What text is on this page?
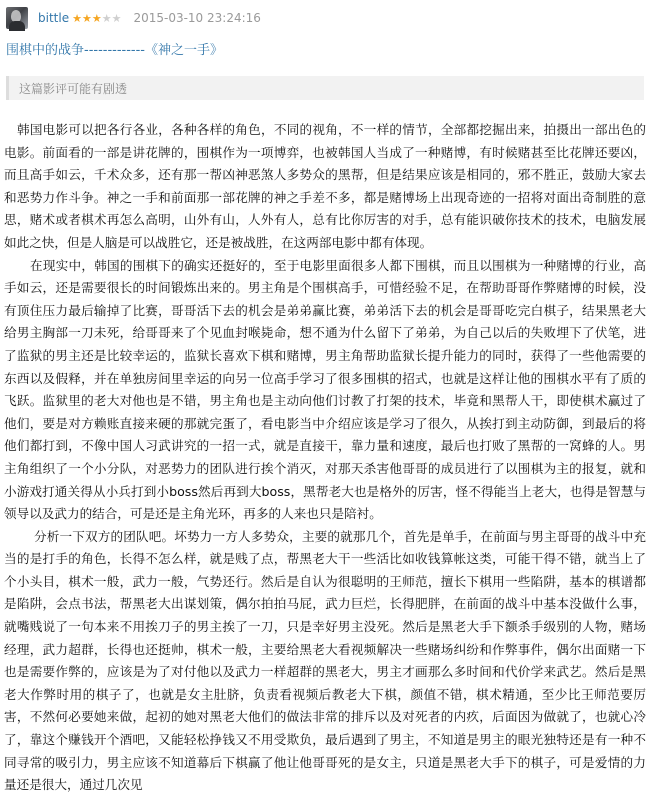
bittle ★ ★ ★ ★ ★ 2015-03-10 23:24:16
围棋中的战争-------------《神之一手》
这篇影评可能有剧透

韩国电影可以把各行各业，各种各样的角色，不同的视角，不一样的情节，全部都挖掘出来，拍摄出一部出色的电影。前面看的一部是讲花牌的，围棋作为一项博弈，也被韩国人当成了一种赌博，有时候赌甚至比花牌还要凶，而且高手如云，千术众多，还有那一帮凶神恶煞人多势众的黑帮，但是结果应该是相同的，邪不胜正，鼓励大家去和恶势力作斗争。神之一手和前面那一部花牌的神之手差不多，都是赌博场上出现奇迹的一招将对面出奇制胜的意思，赌术或者棋术再怎么高明，山外有山，人外有人，总有比你厉害的对手，总有能识破你技术的技术，电脑发展如此之快，但是人脑是可以战胜它，还是被战胜，在这两部电影中都有体现。

在现实中，韩国的围棋下的确实还挺好的，至于电影里面很多人都下围棋，而且以围棋为一种赌博的行业，高手如云，还是需要很长的时间锻炼出来的。男主角是个围棋高手，可惜经验不足，在帮助哥哥作弊赌博的时候，没有顶住压力最后输掉了比赛，哥哥活下去的机会是弟弟赢比赛，弟弟活下去的机会是哥哥吃完白棋子，结果黑老大给男主胸部一刀未死，给哥哥来了个见血封喉毙命，想不通为什么留下了弟弟，为自己以后的失败埋下了伏笔，进了监狱的男主还是比较幸运的，监狱长喜欢下棋和赌博，男主角帮助监狱长提升能力的同时，获得了一些他需要的东西以及假释，并在单独房间里幸运的向另一位高手学习了很多围棋的招式，也就是这样让他的围棋水平有了质的飞跃。监狱里的老大对他也是不错，男主角也是主动向他们讨教了打架的技术，毕竟和黑帮人干，即使棋术赢过了他们，要是对方赖账直接来硬的那就完蛋了，看电影当中介绍应该是学习了很久，从挨打到主动防御，到最后的将他们都打到，不像中国人习武讲究的一招一式，就是直接干，靠力量和速度，最后也打败了黑帮的一窝蜂的人。男主角组织了一个小分队，对恶势力的团队进行挨个消灭，对那天杀害他哥哥的成员进行了以围棋为主的报复，就和小游戏打通关得从小兵打到小boss然后再到大boss，黑帮老大也是格外的厉害，怪不得能当上老大，也得是智慧与领导以及武力的结合，可是还是主角光环，再多的人来也只是陪衬。

分析一下双方的团队吧。坏势力一方人多势众，主要的就那几个，首先是单手，在前面与男主哥哥的战斗中充当的是打手的角色，长得不怎么样，就是贱了点，帮黑老大干一些活比如收钱算帐这类，可能干得不错，就当上了个小头目，棋术一般，武力一般，气势还行。然后是自认为很聪明的王师范，擅长下棋用一些陷阱，基本的棋谱都是陷阱，会点书法，帮黑老大出谋划策，偶尔拍拍马屁，武力巨烂，长得肥胖，在前面的战斗中基本没做什么事，就嘴贱说了一句本来不用挨刀子的男主挨了一刀，只是幸好男主没死。然后是黑老大手下额杀手级别的人物，赌场经理，武力超群，长得也还挺帅，棋术一般，主要给黑老大看视频解决一些赌场纠纷和作弊事件，偶尔出面赌一下也是需要作弊的，应该是为了对付他以及武力一样超群的黑老大，男主才画那么多时间和代价学来武艺。然后是黑老大作弊时用的棋子了，也就是女主肚脐，负责看视频后教老大下棋，颜值不错，棋术精通，至少比王师范要厉害，不然何必要她来做，起初的她对黑老大他们的做法非常的排斥以及对死者的内疚，后面因为做就了，也就心冷了，靠这个赚钱开个酒吧，又能轻松挣钱又不用受欺负，最后遇到了男主，不知道是男主的眼光独特还是有一种不同寻常的吸引力，男主应该不知道幕后下棋赢了他让他哥哥死的是女主，只道是黑老大手下的棋子，可是爱情的力量还是很大，通过几次见
